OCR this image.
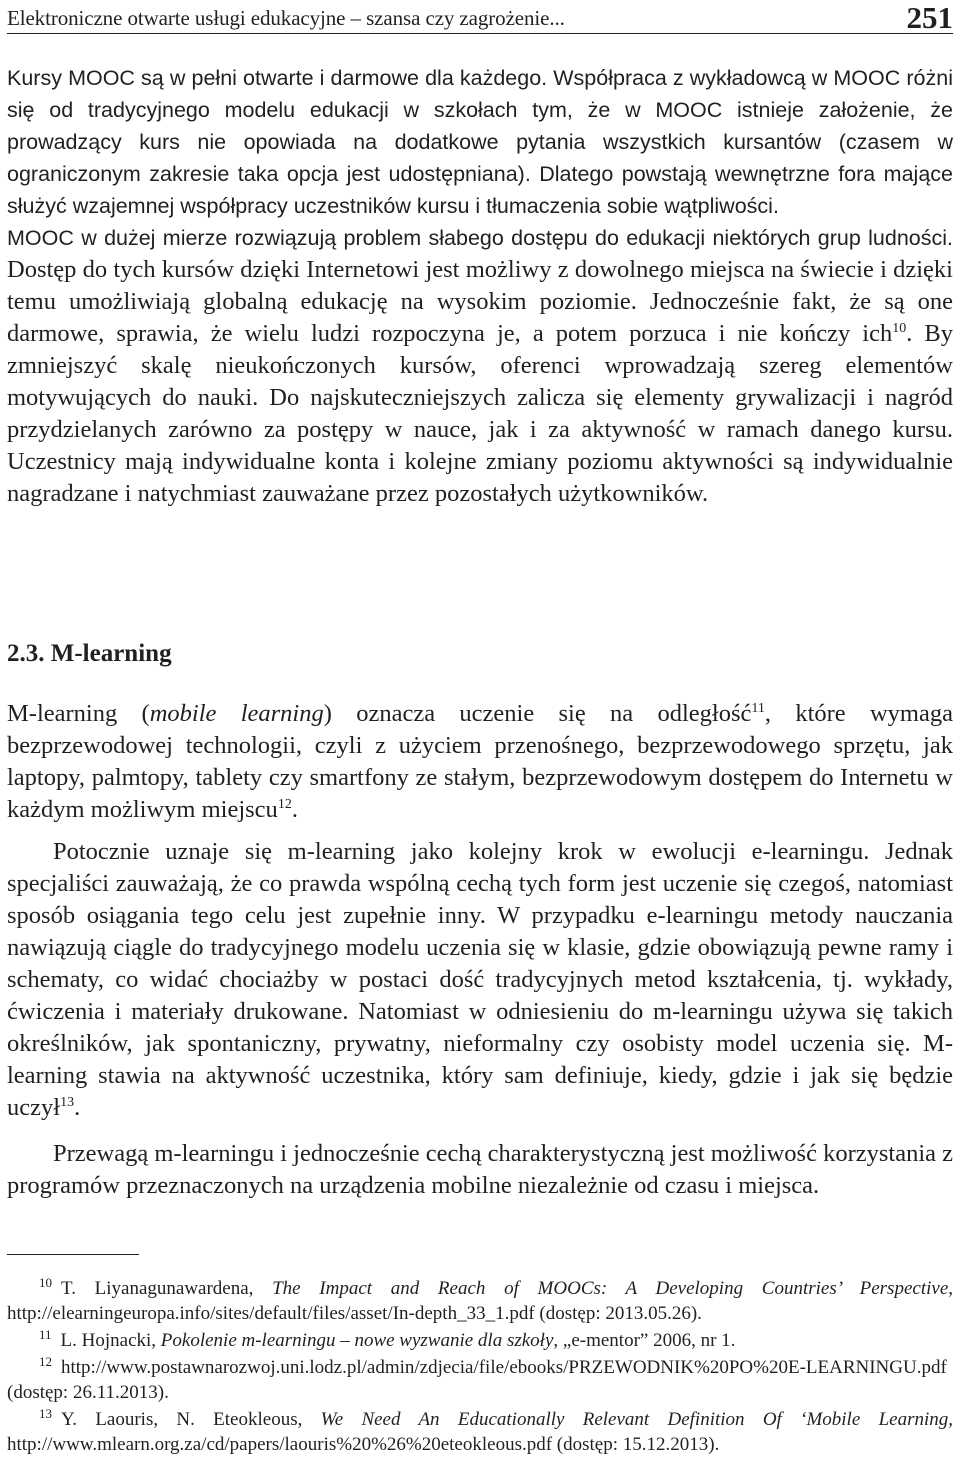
Elektroniczne otwarte usługi edukacyjne – szansa czy zagrożenie...	251

Kursy MOOC są w pełni otwarte i darmowe dla każdego. Współpraca z wykładowcą w MOOC różni się od tradycyjnego modelu edukacji w szkołach tym, że w MOOC istnieje założenie, że prowadzący kurs nie opowiada na dodatkowe pytania wszystkich kursantów (czasem w ograniczonym zakresie taka opcja jest udostępniana). Dlatego powstają wewnętrzne fora mające służyć wzajemnej współpracy uczestników kursu i tłumaczenia sobie wątpliwości.
MOOC w dużej mierze rozwiązują problem słabego dostępu do edukacji niektórych grup ludności. Dostęp do tych kursów dzięki Internetowi jest możliwy z dowolnego miejsca na świecie i dzięki temu umożliwiają globalną edukację na wysokim poziomie. Jednocześnie fakt, że są one darmowe, sprawia, że wielu ludzi rozpoczyna je, a potem porzuca i nie kończy ich$^{10}$. By zmniejszyć skalę nieukończonych kursów, oferenci wprowadzają szereg elementów motywujących do nauki. Do najskuteczniejszych zalicza się elementy grywalizacji i nagród przydzielanych zarówno za postępy w nauce, jak i za aktywność w ramach danego kursu. Uczestnicy mają indywidualne konta i kolejne zmiany poziomu aktywności są indywidualnie nagradzane i natychmiast zauważane przez pozostałych użytkowników.

2.3. M-learning

M-learning (mobile learning) oznacza uczenie się na odległość$^{11}$, które wymaga bezprzewodowej technologii, czyli z użyciem przenośnego, bezprzewodowego sprzętu, jak laptopy, palmtopy, tablety czy smartfony ze stałym, bezprzewodowym dostępem do Internetu w każdym możliwym miejscu$^{12}$.

Potocznie uznaje się m-learning jako kolejny krok w ewolucji e-learningu. Jednak specjaliści zauważają, że co prawda wspólną cechą tych form jest uczenie się czegoś, natomiast sposób osiągania tego celu jest zupełnie inny. W przypadku e-learningu metody nauczania nawiązują ciągle do tradycyjnego modelu uczenia się w klasie, gdzie obowiązują pewne ramy i schematy, co widać chociażby w postaci dość tradycyjnych metod kształcenia, tj. wykłady, ćwiczenia i materiały drukowane. Natomiast w odniesieniu do m-learningu używa się takich określników, jak spontaniczny, prywatny, nieformalny czy osobisty model uczenia się. M-learning stawia na aktywność uczestnika, który sam definiuje, kiedy, gdzie i jak się będzie uczył$^{13}$.

Przewagą m-learningu i jednocześnie cechą charakterystyczną jest możliwość korzystania z programów przeznaczonych na urządzenia mobilne niezależnie od czasu i miejsca.

$^{10}$ T. Liyanagunawardena, The Impact and Reach of MOOCs: A Developing Countries’ Perspective, http://elearningeuropa.info/sites/default/files/asset/In-depth_33_1.pdf (dostęp: 2013.05.26).

$^{11}$ L. Hojnacki, Pokolenie m-learningu – nowe wyzwanie dla szkoły, „e-mentor” 2006, nr 1.

$^{12}$ http://www.postawnarozwoj.uni.lodz.pl/admin/zdjecia/file/ebooks/PRZEWODNIK%20PO%20E-LEARNINGU.pdf (dostęp: 26.11.2013).

$^{13}$ Y. Laouris, N. Eteokleous, We Need An Educationally Relevant Definition Of ‘Mobile Learning, http://www.mlearn.org.za/cd/papers/laouris%20%26%20eteokleous.pdf (dostęp: 15.12.2013).
